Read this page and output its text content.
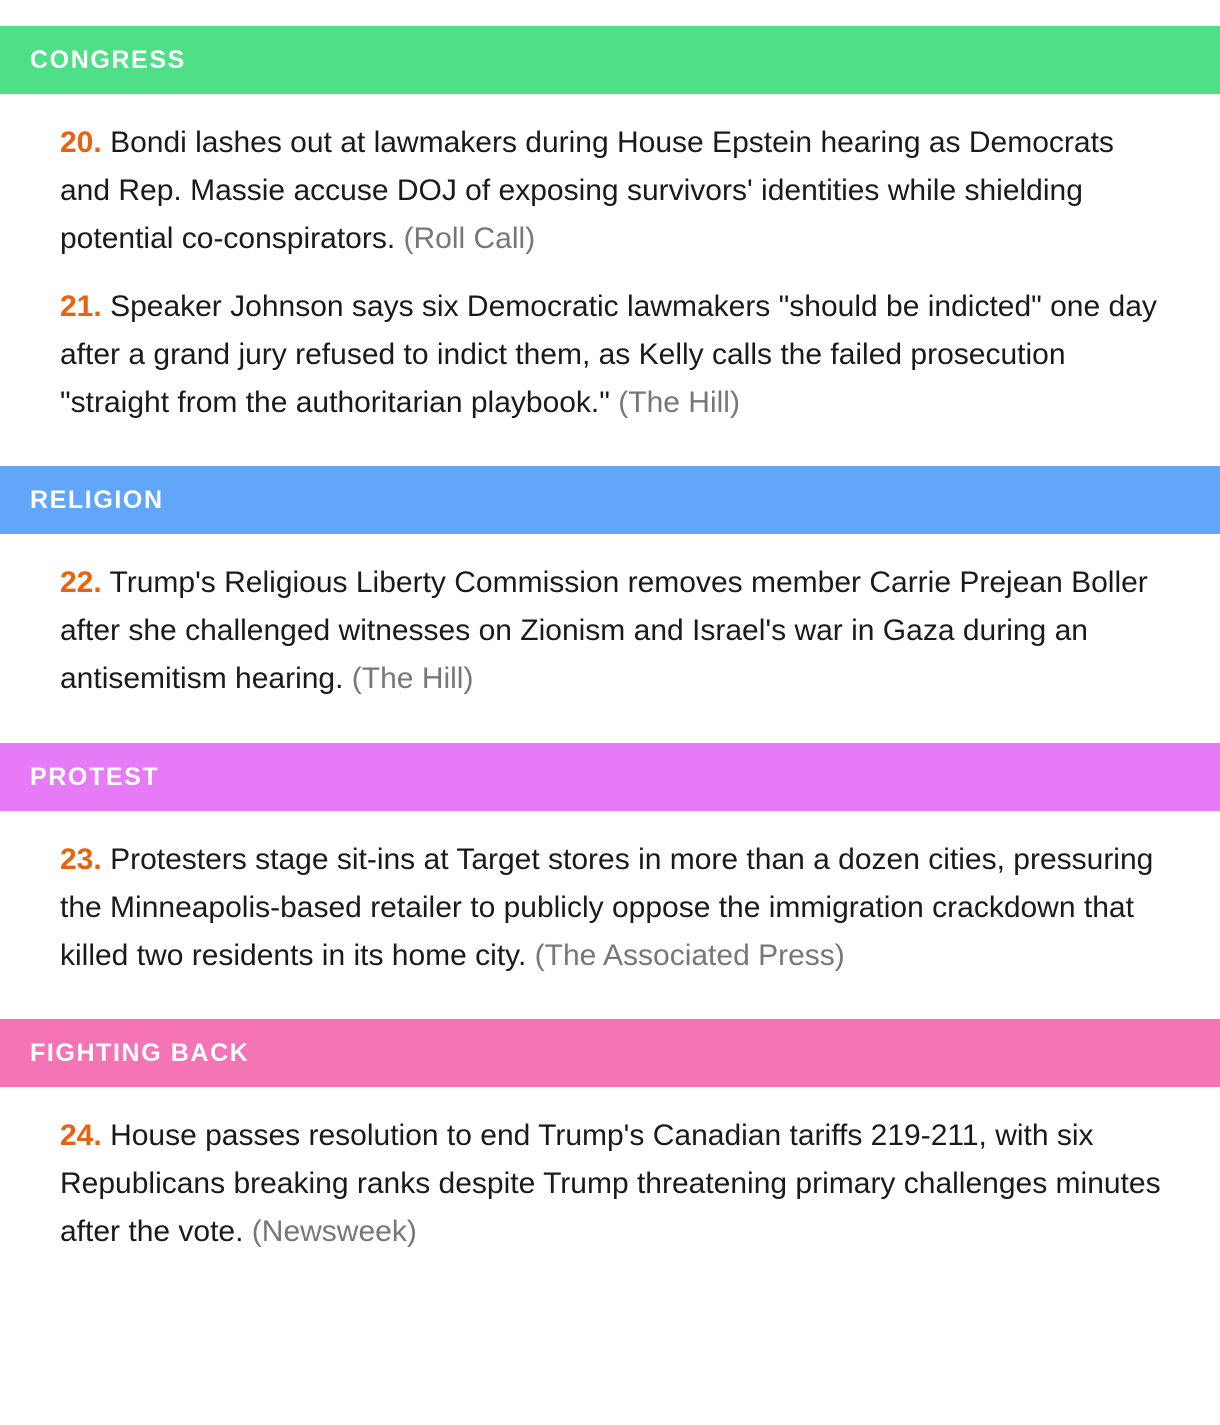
CONGRESS

20. Bondi lashes out at lawmakers during House Epstein hearing as Democrats and Rep. Massie accuse DOJ of exposing survivors' identities while shielding potential co-conspirators. (Roll Call)

21. Speaker Johnson says six Democratic lawmakers "should be indicted" one day after a grand jury refused to indict them, as Kelly calls the failed prosecution "straight from the authoritarian playbook." (The Hill)

RELIGION

22. Trump's Religious Liberty Commission removes member Carrie Prejean Boller after she challenged witnesses on Zionism and Israel's war in Gaza during an antisemitism hearing. (The Hill)

PROTEST

23. Protesters stage sit-ins at Target stores in more than a dozen cities, pressuring the Minneapolis-based retailer to publicly oppose the immigration crackdown that killed two residents in its home city. (The Associated Press)

FIGHTING BACK

24. House passes resolution to end Trump's Canadian tariffs 219-211, with six Republicans breaking ranks despite Trump threatening primary challenges minutes after the vote. (Newsweek)
